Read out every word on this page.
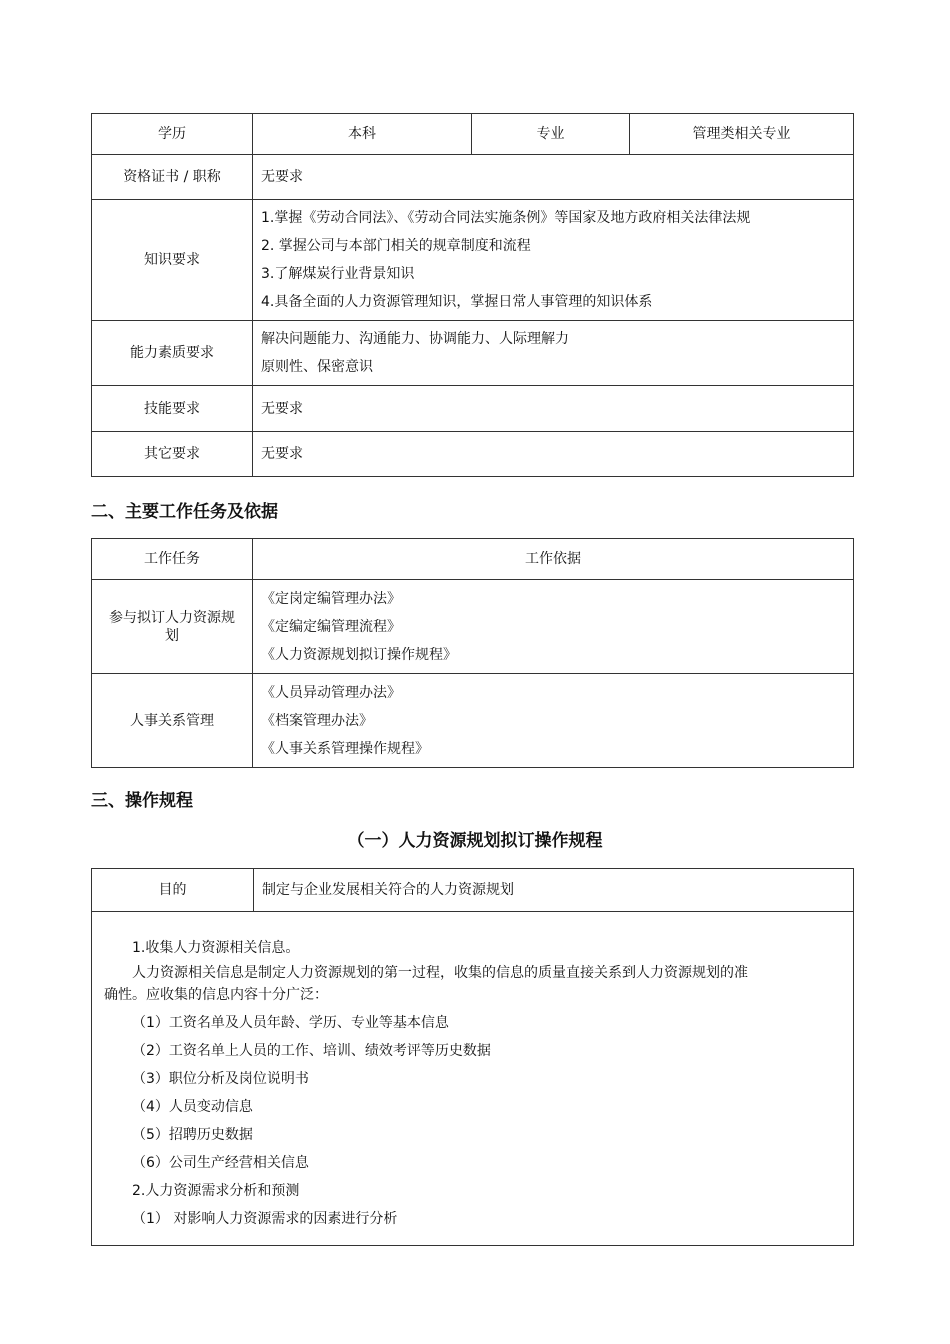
学历	本科	专业	管理类相关专业
资格证书 / 职称	无要求		
知识要求	1.掌握《劳动合同法》、《劳动合同法实施条例》等国家及地方政府相关法律法规
2. 掌握公司与本部门相关的规章制度和流程
3.了解煤炭行业背景知识
4.具备全面的人力资源管理知识，掌握日常人事管理的知识体系		

能力素质要求	解决问题能力、沟通能力、协调能力、人际理解力
原则性、保密意识		

技能要求	无要求		
其它要求	无要求		
二、主要工作任务及依据
工作任务	工作依据

参与拟订人力资源规
划	《定岗定编管理办法》
《定编定编管理流程》
《人力资源规划拟订操作规程》

人事关系管理	《人员异动管理办法》
《档案管理办法》
《人事关系管理操作规程》
三、操作规程
（一）人力资源规划拟订操作规程
目的	制定与企业发展相关符合的人力资源规划

1.收集人力资源相关信息。
人力资源相关信息是制定人力资源规划的第一过程，收集的信息的质量直接关系到人力资源规划的准
确性。应收集的信息内容十分广泛：
（1）工资名单及人员年龄、学历、专业等基本信息
（2）工资名单上人员的工作、培训、绩效考评等历史数据
（3）职位分析及岗位说明书
（4）人员变动信息
（5）招聘历史数据
（6）公司生产经营相关信息
2.人力资源需求分析和预测
（1） 对影响人力资源需求的因素进行分析
